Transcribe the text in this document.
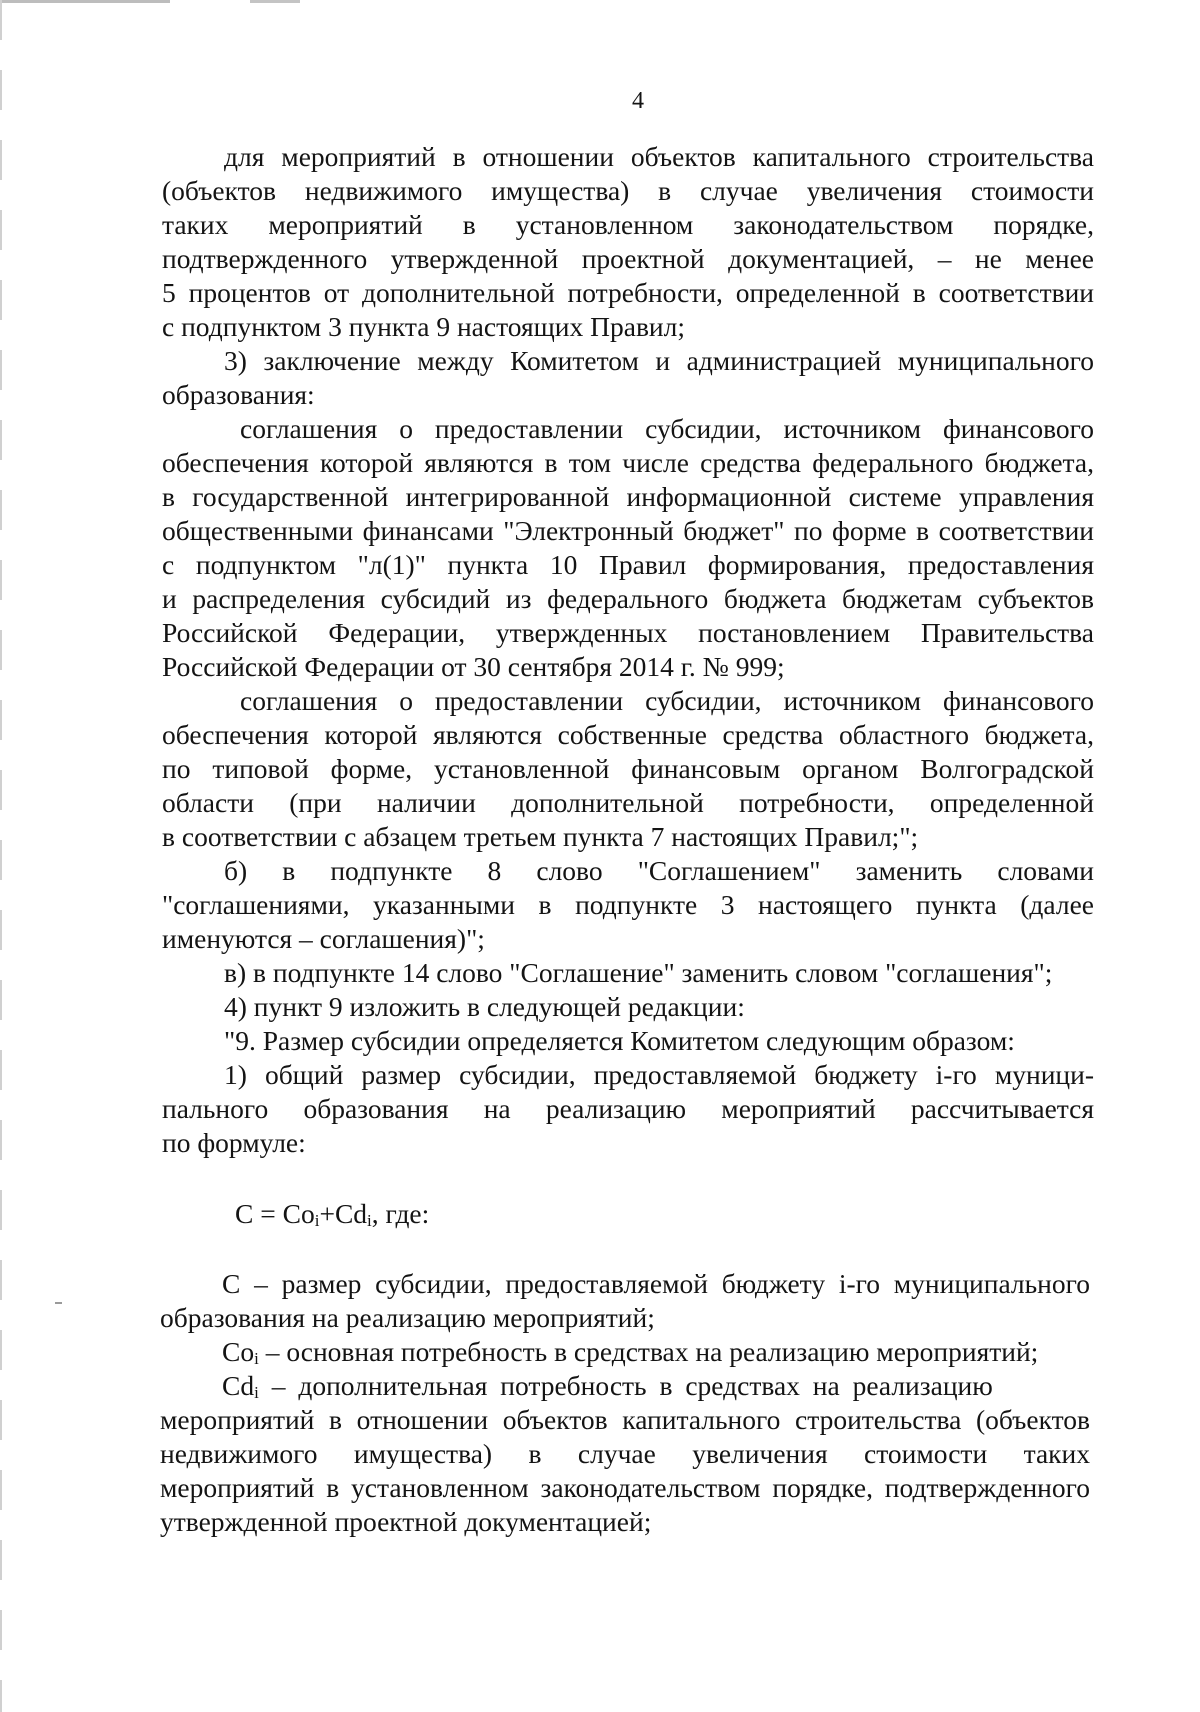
4
для мероприятий в отношении объектов капитального строительства
(объектов недвижимого имущества) в случае увеличения стоимости
таких мероприятий в установленном законодательством порядке,
подтвержденного утвержденной проектной документацией, – не менее
5 процентов от дополнительной потребности, определенной в соответствии
с подпунктом 3 пункта 9 настоящих Правил;
3) заключение между Комитетом и администрацией муниципального
образования:
соглашения о предоставлении субсидии, источником финансового
обеспечения которой являются в том числе средства федерального бюджета,
в государственной интегрированной информационной системе управления
общественными финансами "Электронный бюджет" по форме в соответствии
с подпунктом "л(1)" пункта 10 Правил формирования, предоставления
и распределения субсидий из федерального бюджета бюджетам субъектов
Российской Федерации, утвержденных постановлением Правительства
Российской Федерации от 30 сентября 2014 г. № 999;
соглашения о предоставлении субсидии, источником финансового
обеспечения которой являются собственные средства областного бюджета,
по типовой форме, установленной финансовым органом Волгоградской
области (при наличии дополнительной потребности, определенной
в соответствии с абзацем третьем пункта 7 настоящих Правил;";
б) в подпункте 8 слово "Соглашением" заменить словами
"соглашениями, указанными в подпункте 3 настоящего пункта (далее
именуются – соглашения)";
в) в подпункте 14 слово "Соглашение" заменить словом "соглашения";
4) пункт 9 изложить в следующей редакции:
"9. Размер субсидии определяется Комитетом следующим образом:
1) общий размер субсидии, предоставляемой бюджету i-го муници-
пального образования на реализацию мероприятий рассчитывается
по формуле:
$C = Co_i+Cd_i$, где:
С – размер субсидии, предоставляемой бюджету i-го муниципального
образования на реализацию мероприятий;
$Co_i$ – основная потребность в средствах на реализацию мероприятий;
$Cd_i$ – дополнительная потребность в средствах на реализацию
мероприятий в отношении объектов капитального строительства (объектов
недвижимого имущества) в случае увеличения стоимости таких
мероприятий в установленном законодательством порядке, подтвержденного
утвержденной проектной документацией;
